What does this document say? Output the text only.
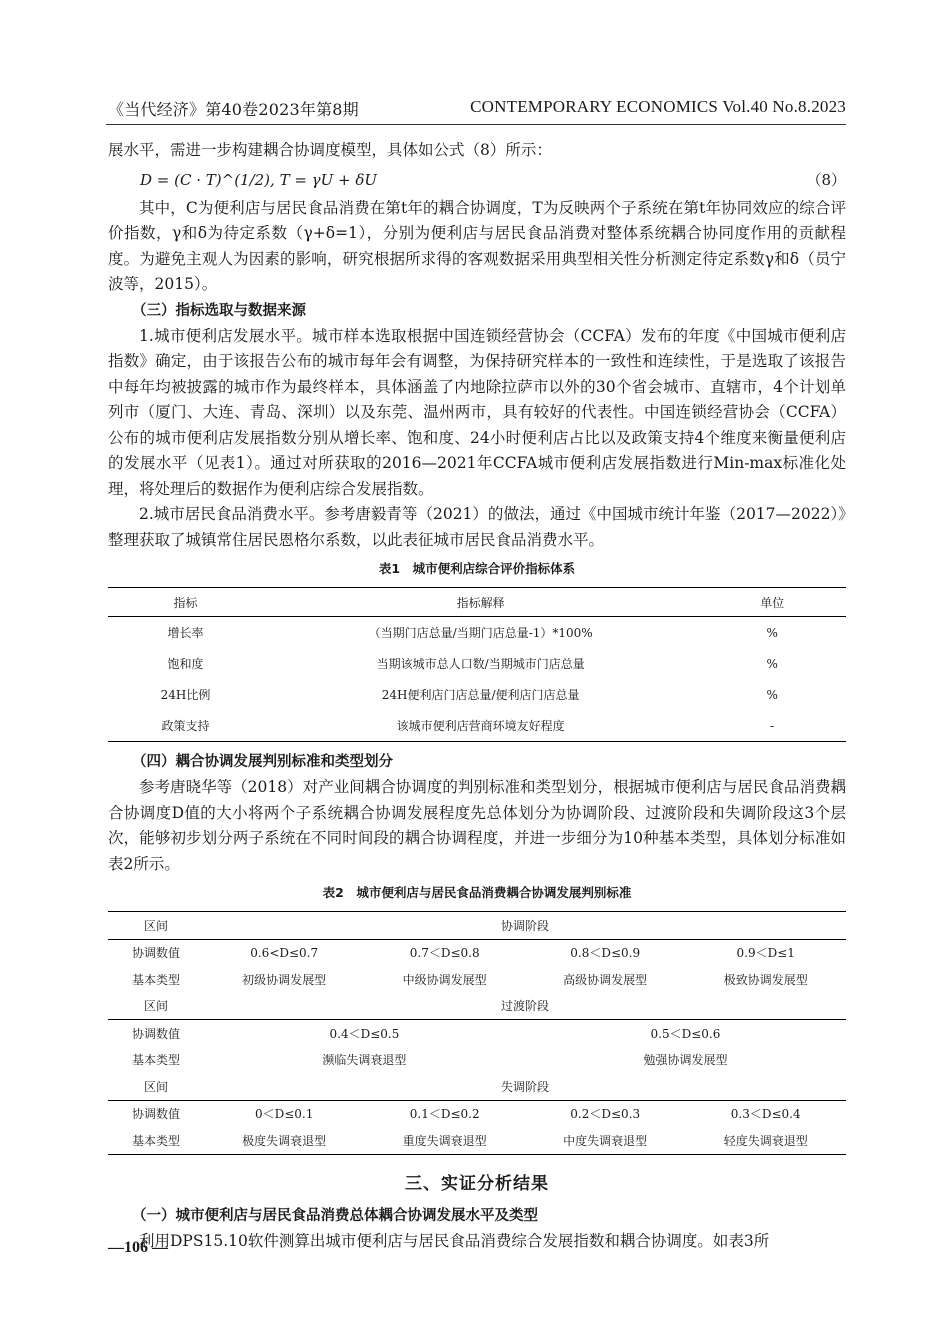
《当代经济》第40卷2023年第8期	CONTEMPORARY ECONOMICS Vol.40 No.8.2023

展水平，需进一步构建耦合协调度模型，具体如公式（8）所示：

D = (C · T)^(1/2), T = γU + δU	（8）

其中，C为便利店与居民食品消费在第t年的耦合协调度，T为反映两个子系统在第t年协同效应的综合评价指数，γ和δ为待定系数（γ+δ=1），分别为便利店与居民食品消费对整体系统耦合协同度作用的贡献程度。为避免主观人为因素的影响，研究根据所求得的客观数据采用典型相关性分析测定待定系数γ和δ（员宁波等，2015）。

（三）指标选取与数据来源

1.城市便利店发展水平。城市样本选取根据中国连锁经营协会（CCFA）发布的年度《中国城市便利店指数》确定，由于该报告公布的城市每年会有调整，为保持研究样本的一致性和连续性，于是选取了该报告中每年均被披露的城市作为最终样本，具体涵盖了内地除拉萨市以外的30个省会城市、直辖市，4个计划单列市（厦门、大连、青岛、深圳）以及东莞、温州两市，具有较好的代表性。中国连锁经营协会（CCFA）公布的城市便利店发展指数分别从增长率、饱和度、24小时便利店占比以及政策支持4个维度来衡量便利店的发展水平（见表1）。通过对所获取的2016—2021年CCFA城市便利店发展指数进行Min-max标准化处理，将处理后的数据作为便利店综合发展指数。

2.城市居民食品消费水平。参考唐毅青等（2021）的做法，通过《中国城市统计年鉴（2017—2022）》整理获取了城镇常住居民恩格尔系数，以此表征城市居民食品消费水平。

表1　城市便利店综合评价指标体系
指标	指标解释	单位
增长率	（当期门店总量/当期门店总量-1）*100%	%
饱和度	当期该城市总人口数/当期城市门店总量	%
24H比例	24H便利店门店总量/便利店门店总量	%
政策支持	该城市便利店营商环境友好程度	-
（四）耦合协调发展判别标准和类型划分

参考唐晓华等（2018）对产业间耦合协调度的判别标准和类型划分，根据城市便利店与居民食品消费耦合协调度D值的大小将两个子系统耦合协调发展程度先总体划分为协调阶段、过渡阶段和失调阶段这3个层次，能够初步划分两子系统在不同时间段的耦合协调程度，并进一步细分为10种基本类型，具体划分标准如表2所示。

表2　城市便利店与居民食品消费耦合协调发展判别标准
区间	协调阶段			
协调数值	0.6<D≤0.7	0.7＜D≤0.8	0.8＜D≤0.9	0.9＜D≤1
基本类型	初级协调发展型	中级协调发展型	高级协调发展型	极致协调发展型
区间	过渡阶段			
协调数值	0.4＜D≤0.5		0.5＜D≤0.6	
基本类型	濒临失调衰退型		勉强协调发展型	
区间	失调阶段			
协调数值	0＜D≤0.1	0.1＜D≤0.2	0.2＜D≤0.3	0.3＜D≤0.4
基本类型	极度失调衰退型	重度失调衰退型	中度失调衰退型	轻度失调衰退型
三、实证分析结果
（一）城市便利店与居民食品消费总体耦合协调发展水平及类型

利用DPS15.10软件测算出城市便利店与居民食品消费综合发展指数和耦合协调度。如表3所

—106 —
